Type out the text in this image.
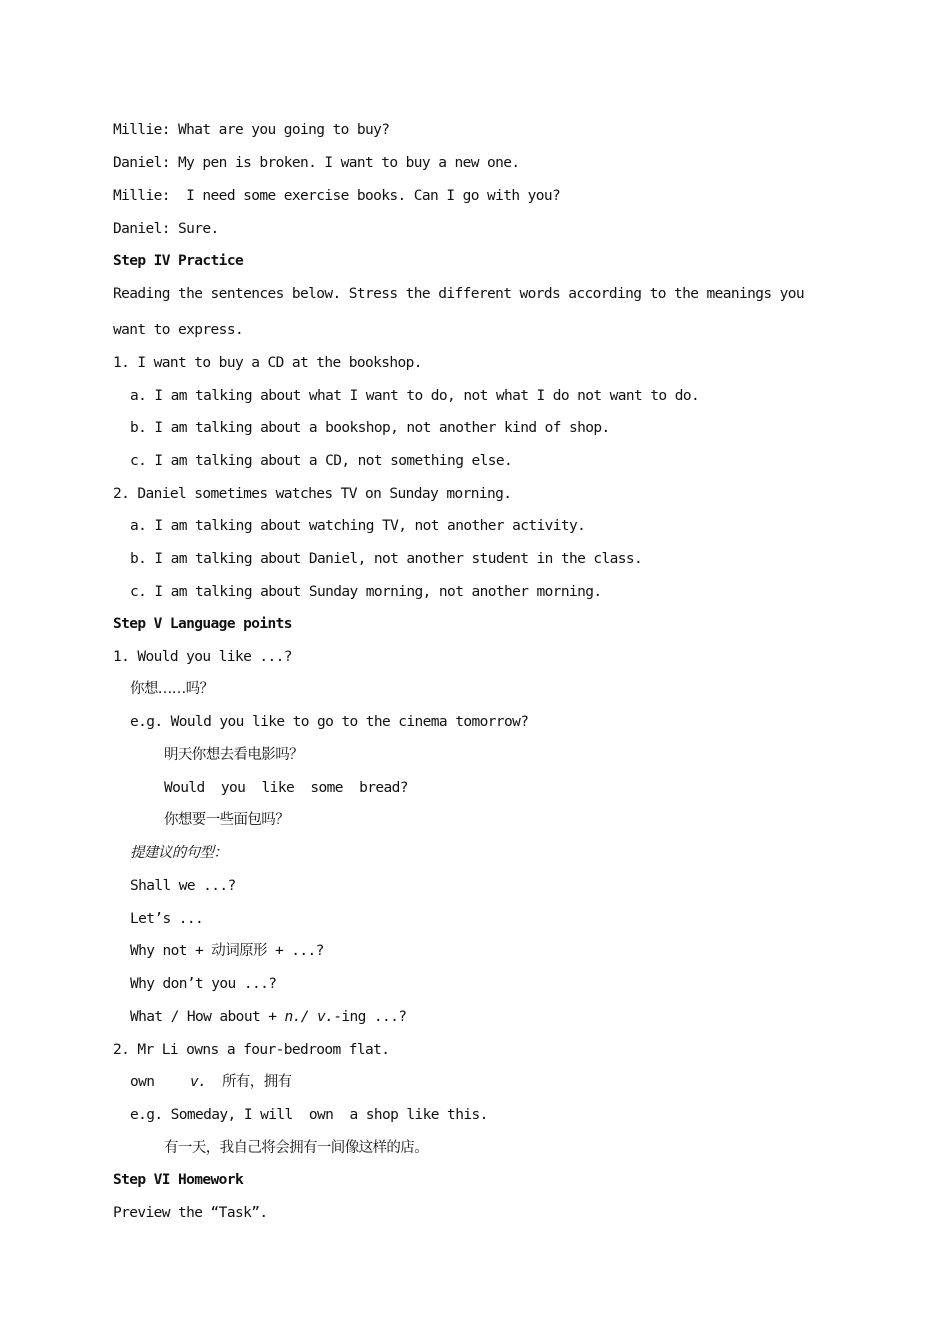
Millie: What are you going to buy?
Daniel: My pen is broken. I want to buy a new one.
Millie:  I need some exercise books. Can I go with you?
Daniel: Sure.
Step IV Practice
Reading the sentences below. Stress the different words according to the meanings you
want to express.
1. I want to buy a CD at the bookshop.
a. I am talking about what I want to do, not what I do not want to do.
b. I am talking about a bookshop, not another kind of shop.
c. I am talking about a CD, not something else.
2. Daniel sometimes watches TV on Sunday morning.
a. I am talking about watching TV, not another activity.
b. I am talking about Daniel, not another student in the class.
c. I am talking about Sunday morning, not another morning.
Step V Language points
1. Would you like ...?
你想……吗？
e.g. Would you like to go to the cinema tomorrow?
明天你想去看电影吗？
Would  you  like  some  bread?
你想要一些面包吗？
提建议的句型：
Shall we ...?
Let’s ...
Why not + 动词原形 + ...?
Why don’t you ...?
What / How about + n./ v.-ing ...?
2. Mr Li owns a four-bedroom flat.
own v. 所有，拥有
e.g. Someday, I will  own  a shop like this.
有一天，我自己将会拥有一间像这样的店。
Step VI Homework
Preview the “Task”.
